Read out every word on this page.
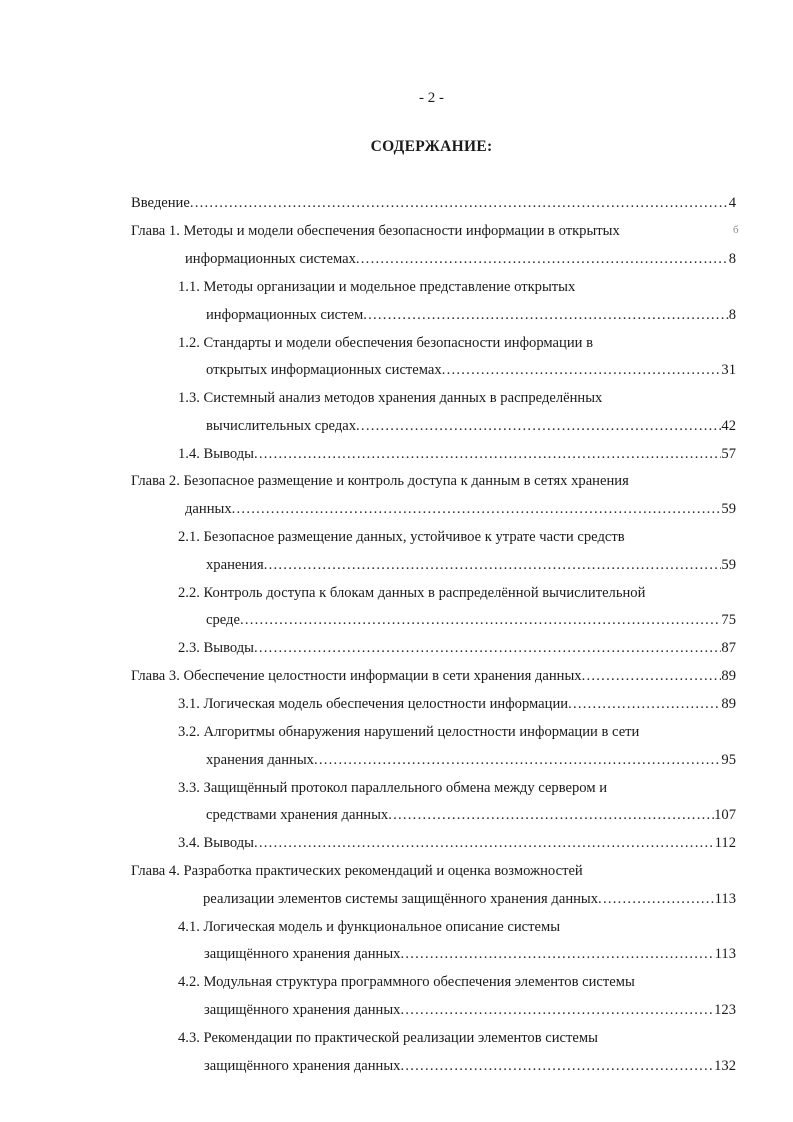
- 2 -
СОДЕРЖАНИЕ:
б
Введение . . .	4
Глава 1. Методы и модели обеспечения безопасности информации в открытых
информационных системах . . .	8
1.1. Методы организации и модельное представление открытых
информационных систем . . .	8
1.2. Стандарты и модели обеспечения безопасности информации в
открытых информационных системах . . .	31
1.3. Системный анализ методов хранения данных в распределённых
вычислительных средах . . .	42
1.4. Выводы . . .	57
Глава 2. Безопасное размещение и контроль доступа к данным в сетях хранения
данных . . .	59
2.1. Безопасное размещение данных, устойчивое к утрате части средств
хранения . . .	59
2.2. Контроль доступа к блокам данных в распределённой вычислительной
среде . . .	75
2.3. Выводы . . .	87
Глава 3. Обеспечение целостности информации в сети хранения данных . . .	89
3.1. Логическая модель обеспечения целостности информации . . .	89
3.2. Алгоритмы обнаружения нарушений целостности информации в сети
хранения данных . . .	95
3.3. Защищённый протокол параллельного обмена между сервером и
средствами хранения данных . . .	107
3.4. Выводы . . .	112
Глава 4. Разработка практических рекомендаций и оценка возможностей
реализации элементов системы защищённого хранения данных . . .	113
4.1. Логическая модель и функциональное описание системы
защищённого хранения данных . . .	113
4.2. Модульная структура программного обеспечения элементов системы
защищённого хранения данных . . .	123
4.3. Рекомендации по практической реализации элементов системы
защищённого хранения данных . . .	132
